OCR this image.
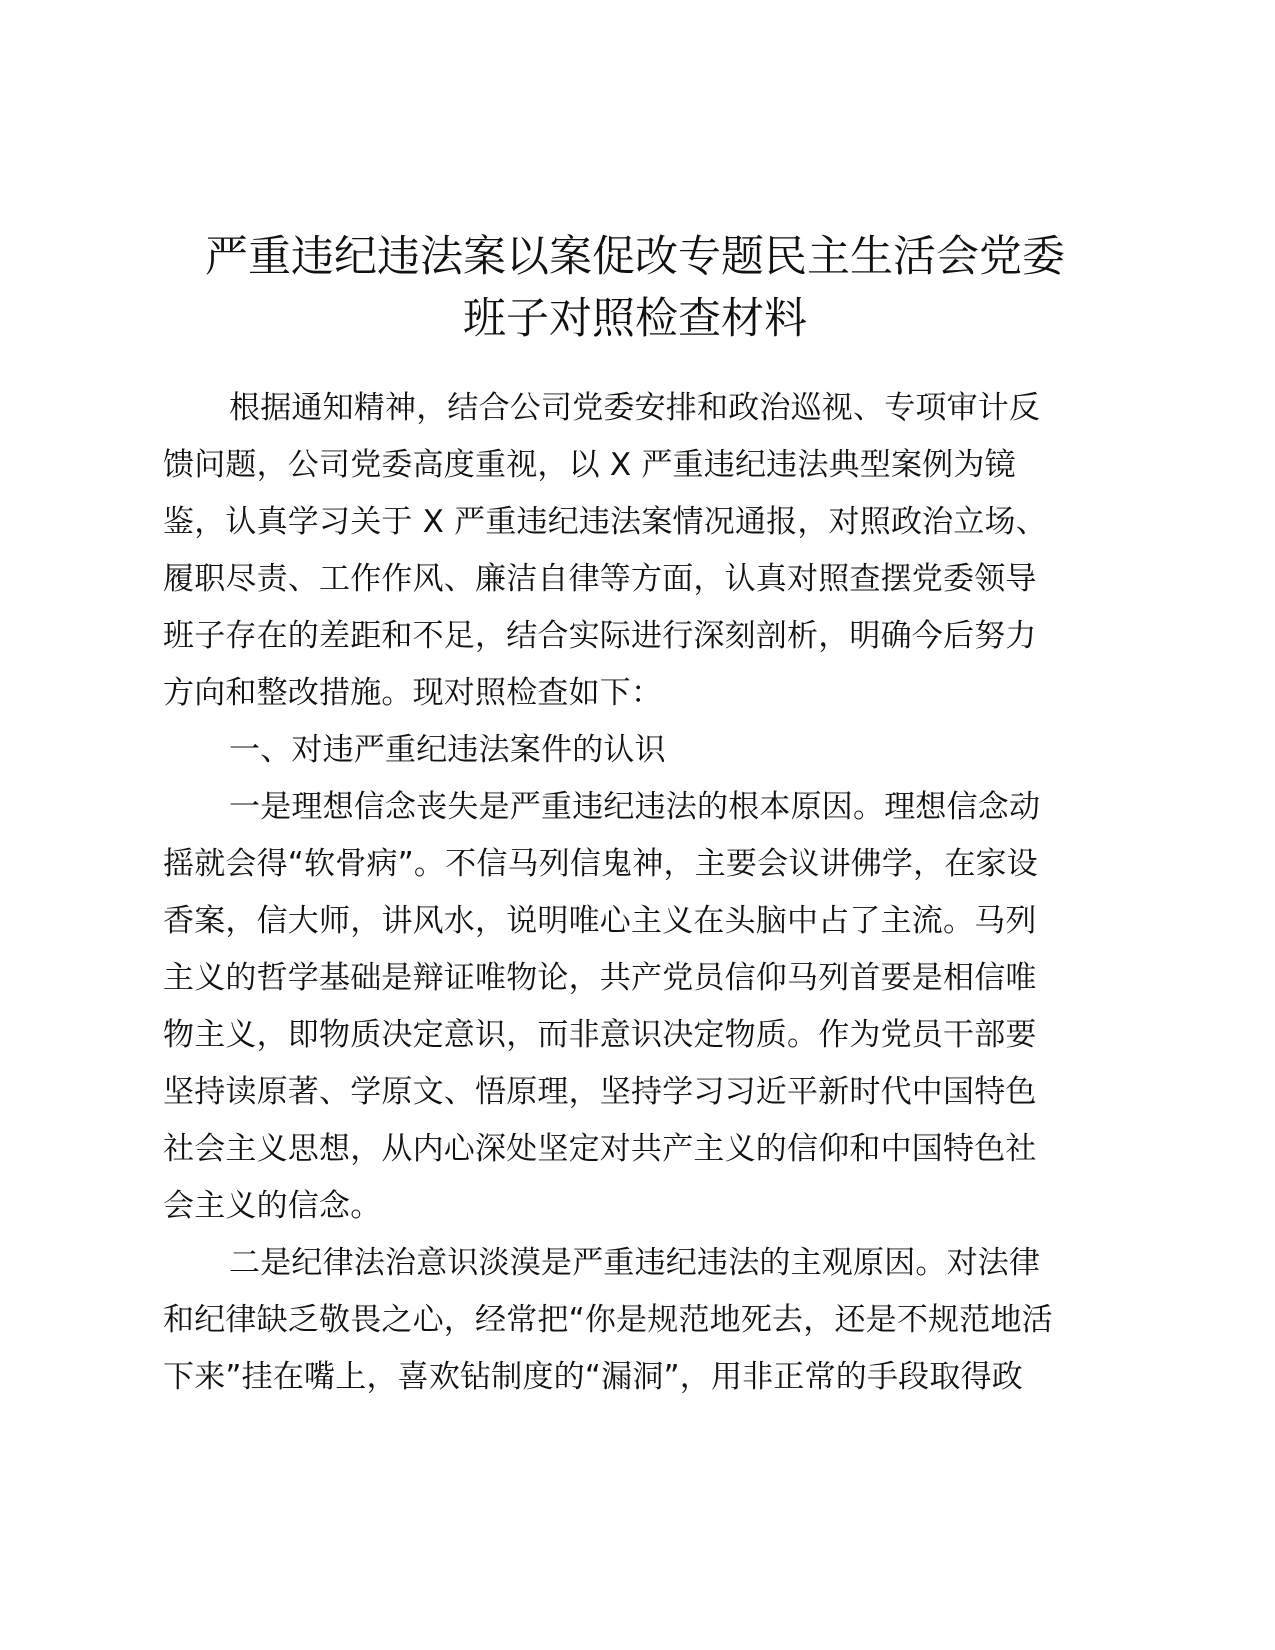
严重违纪违法案以案促改专题民主生活会党委
班子对照检查材料

根据通知精神，结合公司党委安排和政治巡视、专项审计反
馈问题，公司党委高度重视，以 X 严重违纪违法典型案例为镜
鉴，认真学习关于 X 严重违纪违法案情况通报，对照政治立场、
履职尽责、工作作风、廉洁自律等方面，认真对照查摆党委领导
班子存在的差距和不足，结合实际进行深刻剖析，明确今后努力
方向和整改措施。现对照检查如下：

一、对违严重纪违法案件的认识

一是理想信念丧失是严重违纪违法的根本原因。理想信念动
摇就会得“软骨病”。不信马列信鬼神，主要会议讲佛学，在家设
香案，信大师，讲风水，说明唯心主义在头脑中占了主流。马列
主义的哲学基础是辩证唯物论，共产党员信仰马列首要是相信唯
物主义，即物质决定意识，而非意识决定物质。作为党员干部要
坚持读原著、学原文、悟原理，坚持学习习近平新时代中国特色
社会主义思想，从内心深处坚定对共产主义的信仰和中国特色社
会主义的信念。

二是纪律法治意识淡漠是严重违纪违法的主观原因。对法律
和纪律缺乏敬畏之心，经常把“你是规范地死去，还是不规范地活
下来”挂在嘴上，喜欢钻制度的“漏洞”，用非正常的手段取得政
